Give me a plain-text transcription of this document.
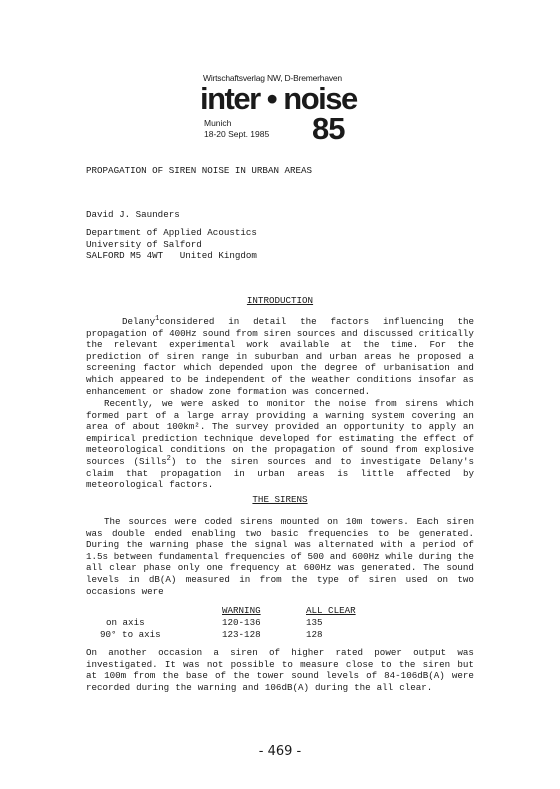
Wirtschaftsverlag NW, D-Bremerhaven
inter • noise
Munich
18-20 Sept. 1985 85
PROPAGATION OF SIREN NOISE IN URBAN AREAS
David J. Saunders
Department of Applied Acoustics
University of Salford
SALFORD M5 4WT   United Kingdom
INTRODUCTION
THE SIRENS
Delany$^1$considered in detail the factors influencing the
propagation of 400Hz sound from siren sources and discussed critically
the relevant experimental work available at the time. For the
prediction of siren range in suburban and urban areas he proposed a
screening factor which depended upon the degree of urbanisation and
which appeared to be independent of the weather conditions insofar as
enhancement or shadow zone formation was concerned.
Recently, we were asked to monitor the noise from sirens which
formed part of a large array providing a warning system covering an
area of about 100km². The survey provided an opportunity to apply an
empirical prediction technique developed for estimating the effect of
meteorological conditions on the propagation of sound from explosive
sources (Sills$^2$) to the siren sources and to investigate Delany's
claim that propagation in urban areas is little affected by
meteorological factors.
The sources were coded sirens mounted on 10m towers. Each siren
was double ended enabling two basic frequencies to be generated.
During the warning phase the signal was alternated with a period of
1.5s between fundamental frequencies of 500 and 600Hz while during the
all clear phase only one frequency at 600Hz was generated. The sound
levels in dB(A) measured in from the type of siren used on two
occasions were
On another occasion a siren of higher rated power output was
investigated. It was not possible to measure close to the siren but
at 100m from the base of the tower sound levels of 84-106dB(A) were
recorded during the warning and 106dB(A) during the all clear.
	WARNING	ALL CLEAR
on axis	120-136	135
90° to axis	123-128	128
- 469 -
